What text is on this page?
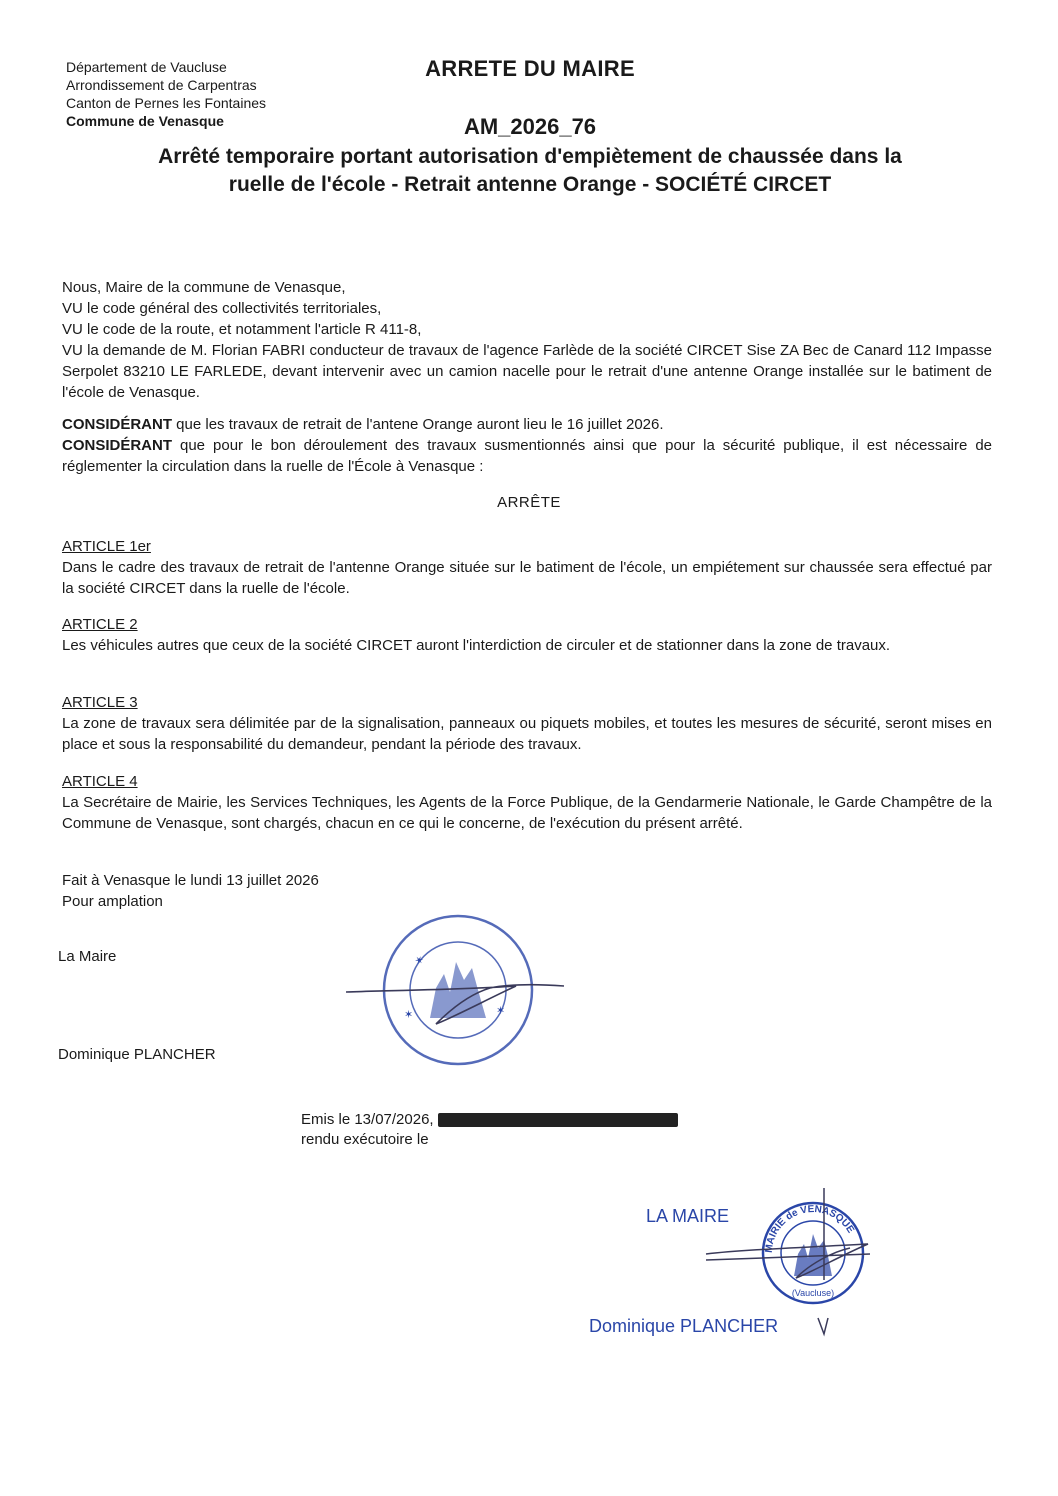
Département de Vaucluse
Arrondissement de Carpentras
Canton de Pernes les Fontaines
Commune de Venasque
ARRETE DU MAIRE
AM_2026_76
Arrêté temporaire portant autorisation d'empiètement de chaussée dans la
ruelle de l'école - Retrait antenne Orange - SOCIÉTÉ CIRCET

Nous, Maire de la commune de Venasque,

VU le code général des collectivités territoriales,

VU le code de la route, et notamment l'article R 411-8,

VU la demande de M. Florian FABRI conducteur de travaux de l'agence Farlède de la société CIRCET Sise ZA Bec de Canard 112 Impasse Serpolet 83210 LE FARLEDE, devant intervenir avec un camion nacelle pour le retrait d'une antenne Orange installée sur le batiment de l'école de Venasque.

CONSIDÉRANT que les travaux de retrait de l'antene Orange auront lieu le 16 juillet 2026.

CONSIDÉRANT que pour le bon déroulement des travaux susmentionnés ainsi que pour la sécurité publique, il est nécessaire de réglementer la circulation dans la ruelle de l'École à Venasque :

ARRÊTE

ARTICLE 1er

Dans le cadre des travaux de retrait de l'antenne Orange située sur le batiment de l'école, un empiétement sur chaussée sera effectué par la société CIRCET dans la ruelle de l'école.

ARTICLE 2

Les véhicules autres que ceux de la société CIRCET auront l'interdiction de circuler et de stationner dans la zone de travaux.

ARTICLE 3

La zone de travaux sera délimitée par de la signalisation, panneaux ou piquets mobiles, et toutes les mesures de sécurité, seront mises en place et sous la responsabilité du demandeur, pendant la période des travaux.

ARTICLE 4

La Secrétaire de Mairie, les Services Techniques, les Agents de la Force Publique, de la Gendarmerie Nationale, le Garde Champêtre de la Commune de Venasque, sont chargés, chacun en ce qui le concerne, de l'exécution du présent arrêté.

Fait à Venasque le lundi 13 juillet 2026
Pour amplation
La Maire
Dominique PLANCHER
✶
✶
✶
Emis le 13/07/2026,
rendu exécutoire le
LA MAIRE
Dominique PLANCHER
MAIRIE de VENASQUE
(Vaucluse)
